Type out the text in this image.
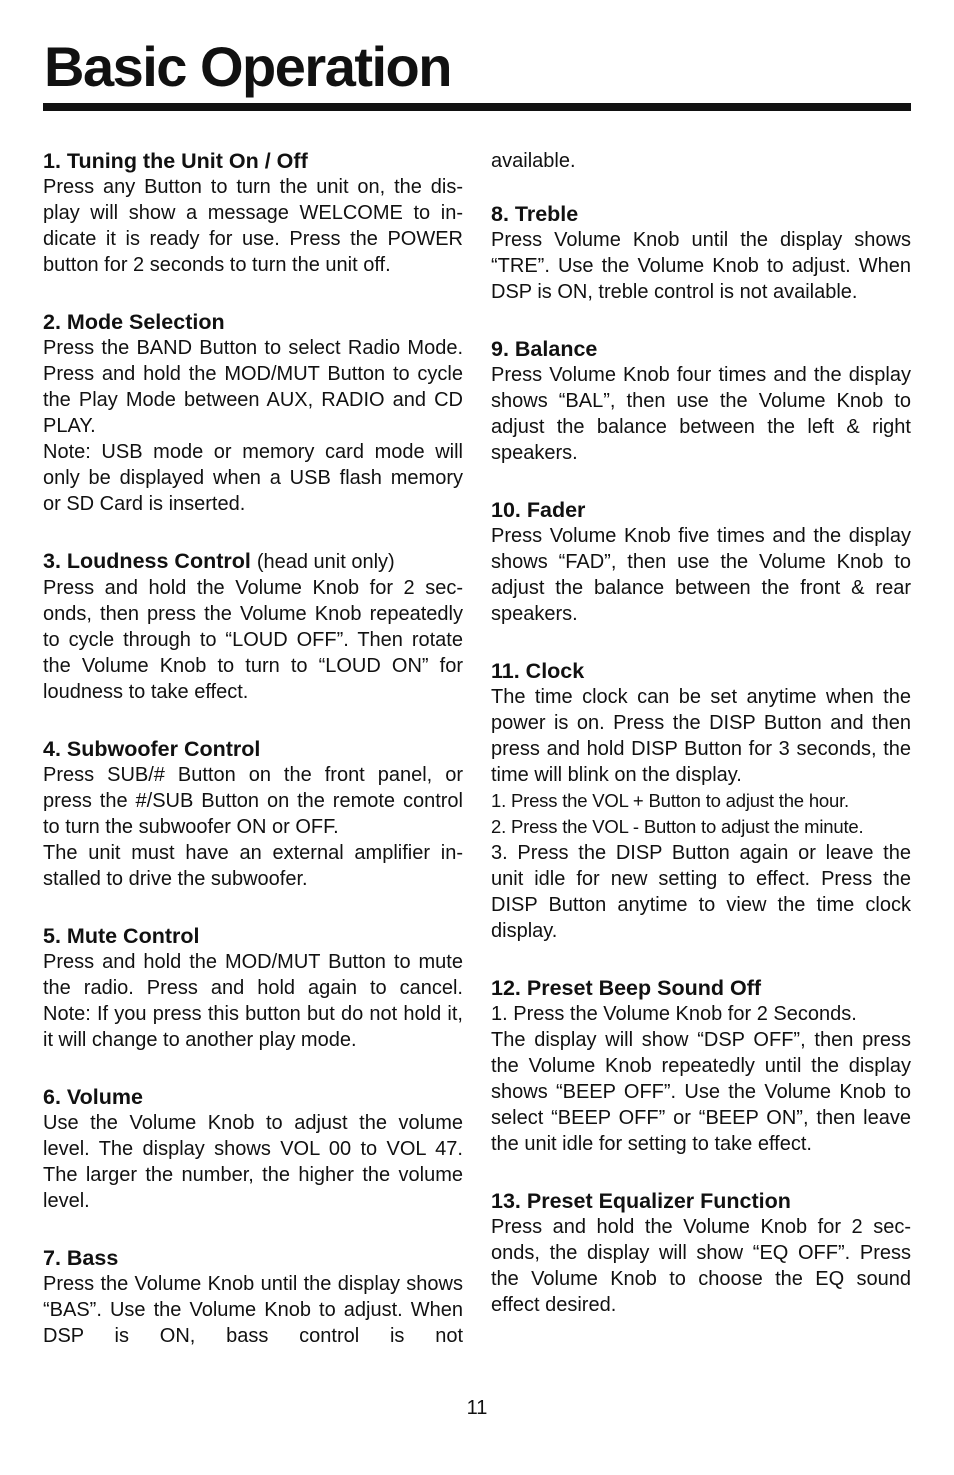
Basic Operation
1. Tuning the Unit On / Off

Press any Button to turn the unit on, the display will show a message WELCOME to indicate it is ready for use. Press the POWER button for 2 seconds to turn the unit off.

2. Mode Selection

Press the BAND Button to select Radio Mode. Press and hold the MOD/MUT Button to cycle the Play Mode between AUX, RADIO and CD PLAY.

Note: USB mode or memory card mode will only be displayed when a USB flash memory or SD Card is inserted.

3. Loudness Control (head unit only)

Press and hold the Volume Knob for 2 seconds, then press the Volume Knob repeatedly to cycle through to “LOUD OFF”. Then rotate the Volume Knob to turn to “LOUD ON” for loudness to take effect.

4. Subwoofer Control

Press SUB/# Button on the front panel, or press the #/SUB Button on the remote control to turn the subwoofer ON or OFF.

The unit must have an external amplifier installed to drive the subwoofer.

5. Mute Control

Press and hold the MOD/MUT Button to mute the radio. Press and hold again to cancel. Note: If you press this button but do not hold it, it will change to another play mode.

6. Volume

Use the Volume Knob to adjust the volume level. The display shows VOL 00 to VOL 47. The larger the number, the higher the volume level.

7. Bass

Press the Volume Knob until the display shows “BAS”. Use the Volume Knob to adjust. When DSP is ON, bass control is not

available.

8. Treble

Press Volume Knob until the display shows “TRE”. Use the Volume Knob to adjust. When DSP is ON, treble control is not available.

9. Balance

Press Volume Knob four times and the display shows “BAL”, then use the Volume Knob to adjust the balance between the left & right speakers.

10. Fader

Press Volume Knob five times and the display shows “FAD”, then use the Volume Knob to adjust the balance between the front & rear speakers.

11. Clock

The time clock can be set anytime when the power is on. Press the DISP Button and then press and hold DISP Button for 3 seconds, the time will blink on the display.

1. Press the VOL + Button to adjust the hour.

2. Press the VOL - Button to adjust the minute.

3. Press the DISP Button again or leave the unit idle for new setting to effect. Press the DISP Button anytime to view the time clock display.

12. Preset Beep Sound Off

1. Press the Volume Knob for 2 Seconds.

The display will show “DSP OFF”, then press the Volume Knob repeatedly until the display shows “BEEP OFF”. Use the Volume Knob to select “BEEP OFF” or “BEEP ON”, then leave the unit idle for setting to take effect.

13. Preset Equalizer Function

Press and hold the Volume Knob for 2 seconds, the display will show “EQ OFF”. Press the Volume Knob to choose the EQ sound effect desired.

11
